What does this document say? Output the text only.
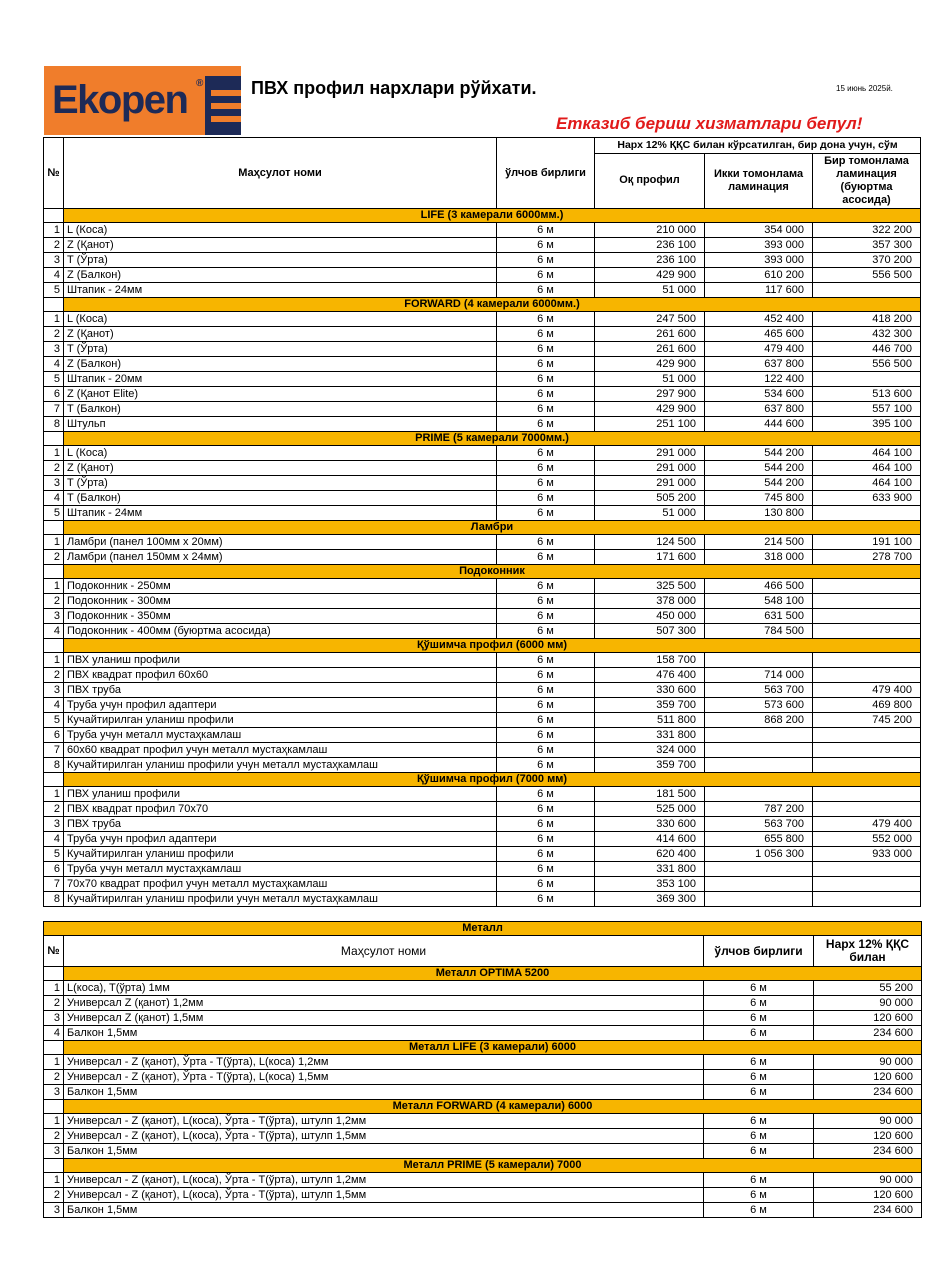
Ekopen ®	ПВХ профил нархлари рўйхати.	15 июнь 2025й.
Етказиб бериш хизматлари бепул!
№	Маҳсулот номи	ўлчов бирлиги	Нарх 12% ҚҚС билан кўрсатилган, бир дона учун, сўм		
			Оқ профил	Икки томонлама ламинация	Бир томонлама ламинация (буюртма асосида)
	LIFE (3 камерали 6000мм.)				
1	L (Коса)	6 м	210 000	354 000	322 200
2	Z (Қанот)	6 м	236 100	393 000	357 300
3	T (Ўрта)	6 м	236 100	393 000	370 200
4	Z (Балкон)	6 м	429 900	610 200	556 500
5	Штапик - 24мм	6 м	51 000	117 600	
	FORWARD (4 камерали 6000мм.)				
1	L (Коса)	6 м	247 500	452 400	418 200
2	Z (Қанот)	6 м	261 600	465 600	432 300
3	T (Ўрта)	6 м	261 600	479 400	446 700
4	Z (Балкон)	6 м	429 900	637 800	556 500
5	Штапик - 20мм	6 м	51 000	122 400	
6	Z (Қанот Elite)	6 м	297 900	534 600	513 600
7	T (Балкон)	6 м	429 900	637 800	557 100
8	Штульп	6 м	251 100	444 600	395 100
	PRIME (5 камерали 7000мм.)				
1	L (Коса)	6 м	291 000	544 200	464 100
2	Z (Қанот)	6 м	291 000	544 200	464 100
3	T (Ўрта)	6 м	291 000	544 200	464 100
4	T (Балкон)	6 м	505 200	745 800	633 900
5	Штапик - 24мм	6 м	51 000	130 800	
	Ламбри				
1	Ламбри (панел 100мм x 20мм)	6 м	124 500	214 500	191 100
2	Ламбри (панел 150мм x 24мм)	6 м	171 600	318 000	278 700
	Подоконник				
1	Подоконник - 250мм	6 м	325 500	466 500	
2	Подоконник - 300мм	6 м	378 000	548 100	
3	Подоконник - 350мм	6 м	450 000	631 500	
4	Подоконник - 400мм (буюртма асосида)	6 м	507 300	784 500	
	Қўшимча профил (6000 мм)				
1	ПВХ уланиш профили	6 м	158 700		
2	ПВХ квадрат профил 60х60	6 м	476 400	714 000	
3	ПВХ труба	6 м	330 600	563 700	479 400
4	Труба учун профил адаптери	6 м	359 700	573 600	469 800
5	Кучайтирилган уланиш профили	6 м	511 800	868 200	745 200
6	Труба учун металл мустаҳкамлаш	6 м	331 800		
7	60х60 квадрат профил учун металл мустаҳкамлаш	6 м	324 000		
8	Кучайтирилган уланиш профили учун металл мустаҳкамлаш	6 м	359 700		
	Қўшимча профил (7000 мм)				
1	ПВХ уланиш профили	6 м	181 500		
2	ПВХ квадрат профил 70х70	6 м	525 000	787 200	
3	ПВХ труба	6 м	330 600	563 700	479 400
4	Труба учун профил адаптери	6 м	414 600	655 800	552 000
5	Кучайтирилган уланиш профили	6 м	620 400	1 056 300	933 000
6	Труба учун металл мустаҳкамлаш	6 м	331 800		
7	70х70 квадрат профил учун металл мустаҳкамлаш	6 м	353 100		
8	Кучайтирилган уланиш профили учун металл мустаҳкамлаш	6 м	369 300		
Металл			
№	Маҳсулот номи	ўлчов бирлиги	Нарх 12% ҚҚС билан
	Металл OPTIMA 5200		
1	L(коса), T(ўрта) 1мм	6 м	55 200
2	Универсал Z (қанот) 1,2мм	6 м	90 000
3	Универсал Z (қанот) 1,5мм	6 м	120 600
4	Балкон 1,5мм	6 м	234 600
	Металл LIFE (3 камерали) 6000		
1	Универсал - Z (қанот), Ўрта - T(ўрта), L(коса) 1,2мм	6 м	90 000
2	Универсал - Z (қанот), Ўрта - T(ўрта), L(коса) 1,5мм	6 м	120 600
3	Балкон 1,5мм	6 м	234 600
	Металл FORWARD (4 камерали) 6000		
1	Универсал - Z (қанот), L(коса), Ўрта - T(ўрта), штулп 1,2мм	6 м	90 000
2	Универсал - Z (қанот), L(коса), Ўрта - T(ўрта), штулп 1,5мм	6 м	120 600
3	Балкон 1,5мм	6 м	234 600
	Металл PRIME (5 камерали) 7000		
1	Универсал - Z (қанот), L(коса), Ўрта - T(ўрта), штулп 1,2мм	6 м	90 000
2	Универсал - Z (қанот), L(коса), Ўрта - T(ўрта), штулп 1,5мм	6 м	120 600
3	Балкон 1,5мм	6 м	234 600
